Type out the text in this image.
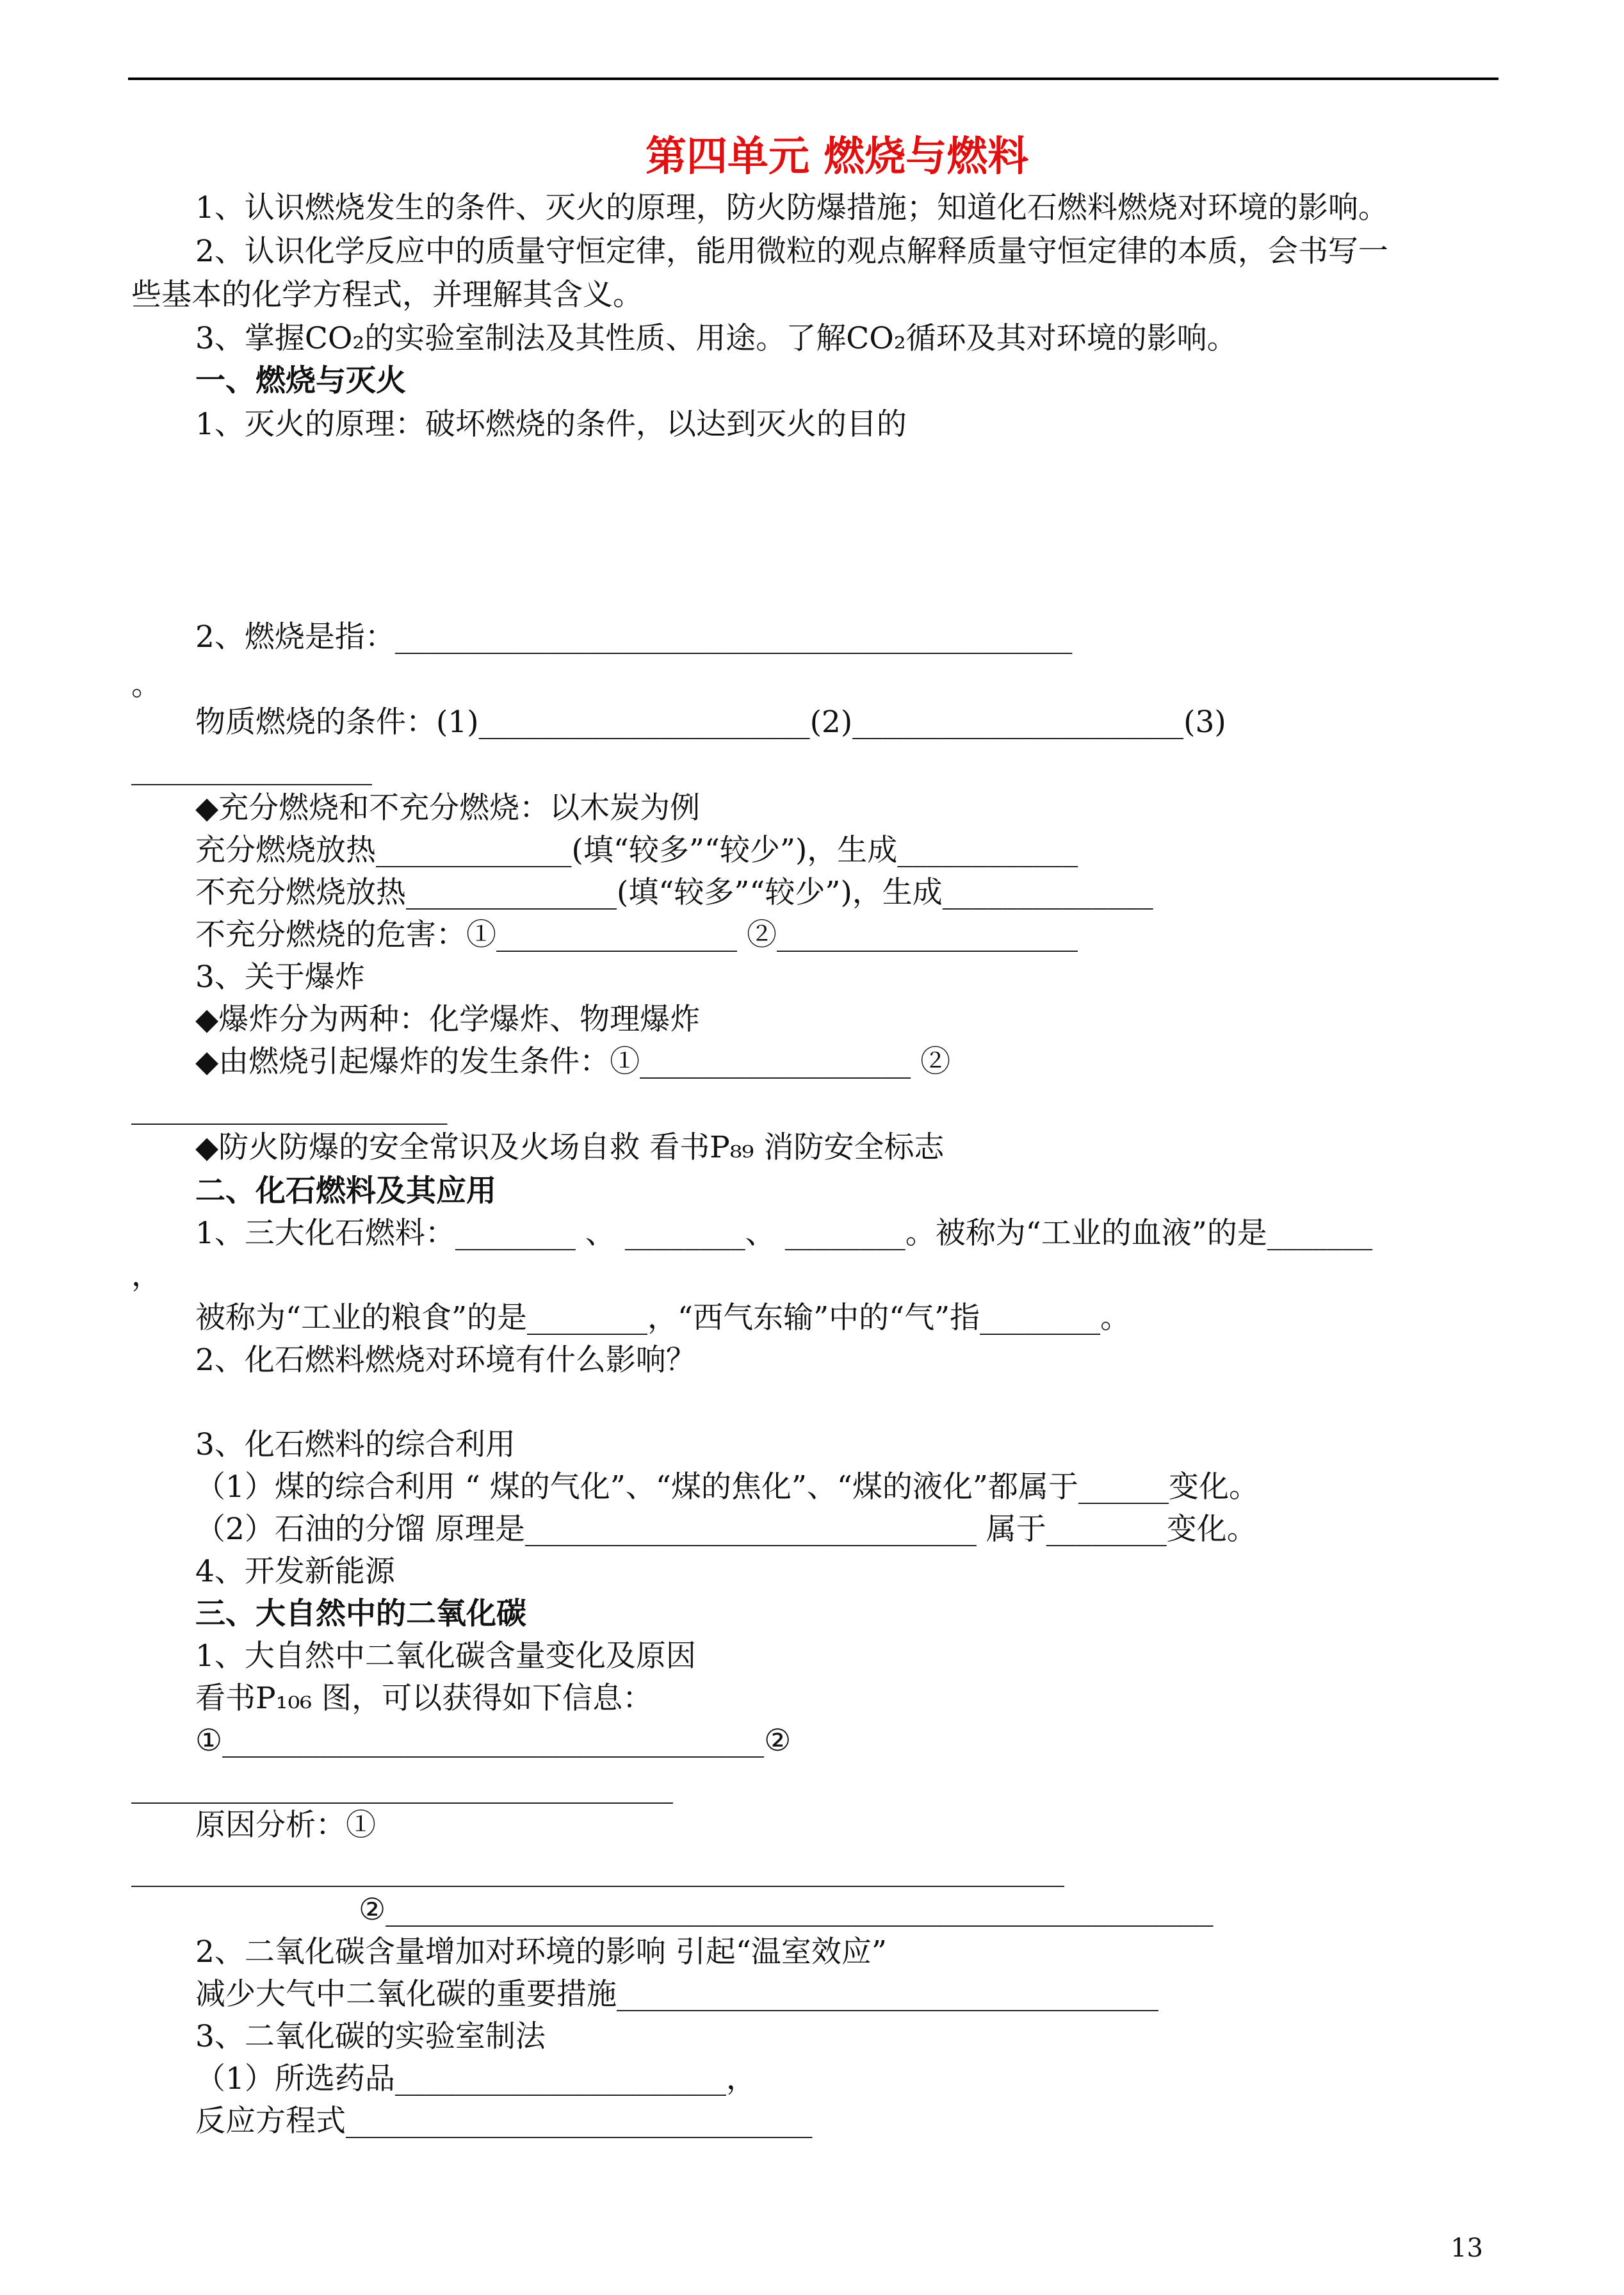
第四单元 燃烧与燃料
1、认识燃烧发生的条件、灭火的原理，防火防爆措施；知道化石燃料燃烧对环境的影响。
2、认识化学反应中的质量守恒定律，能用微粒的观点解释质量守恒定律的本质，会书写一
些基本的化学方程式，并理解其含义。
3、掌握CO₂的实验室制法及其性质、用途。了解CO₂循环及其对环境的影响。
一、燃烧与灭火
1、灭火的原理：破坏燃烧的条件，以达到灭火的目的
2、燃烧是指：_____________________________________________
。
物质燃烧的条件：(1)______________________(2)______________________(3)
________________
◆充分燃烧和不充分燃烧：以木炭为例
充分燃烧放热_____________(填“较多”“较少”)，生成____________
不充分燃烧放热______________(填“较多”“较少”)，生成______________
不充分燃烧的危害：①________________ ②____________________
3、关于爆炸
◆爆炸分为两种：化学爆炸、物理爆炸
◆由燃烧引起爆炸的发生条件：①__________________ ②
_____________________
◆防火防爆的安全常识及火场自救 看书P₈₉ 消防安全标志
二、化石燃料及其应用
1、三大化石燃料：________ 、 ________、 ________。被称为“工业的血液”的是_______
，
被称为“工业的粮食”的是________，“西气东输”中的“气”指________。
2、化石燃料燃烧对环境有什么影响？
3、化石燃料的综合利用
（1）煤的综合利用 “ 煤的气化”、“煤的焦化”、“煤的液化”都属于______变化。
（2）石油的分馏 原理是______________________________ 属于________变化。
4、开发新能源
三、大自然中的二氧化碳
1、大自然中二氧化碳含量变化及原因
看书P₁₀₆ 图，可以获得如下信息：
①____________________________________②
____________________________________
原因分析：①
______________________________________________________________
②_______________________________________________________
2、二氧化碳含量增加对环境的影响 引起“温室效应”
减少大气中二氧化碳的重要措施____________________________________
3、二氧化碳的实验室制法
（1）所选药品______________________，
反应方程式_______________________________
13
